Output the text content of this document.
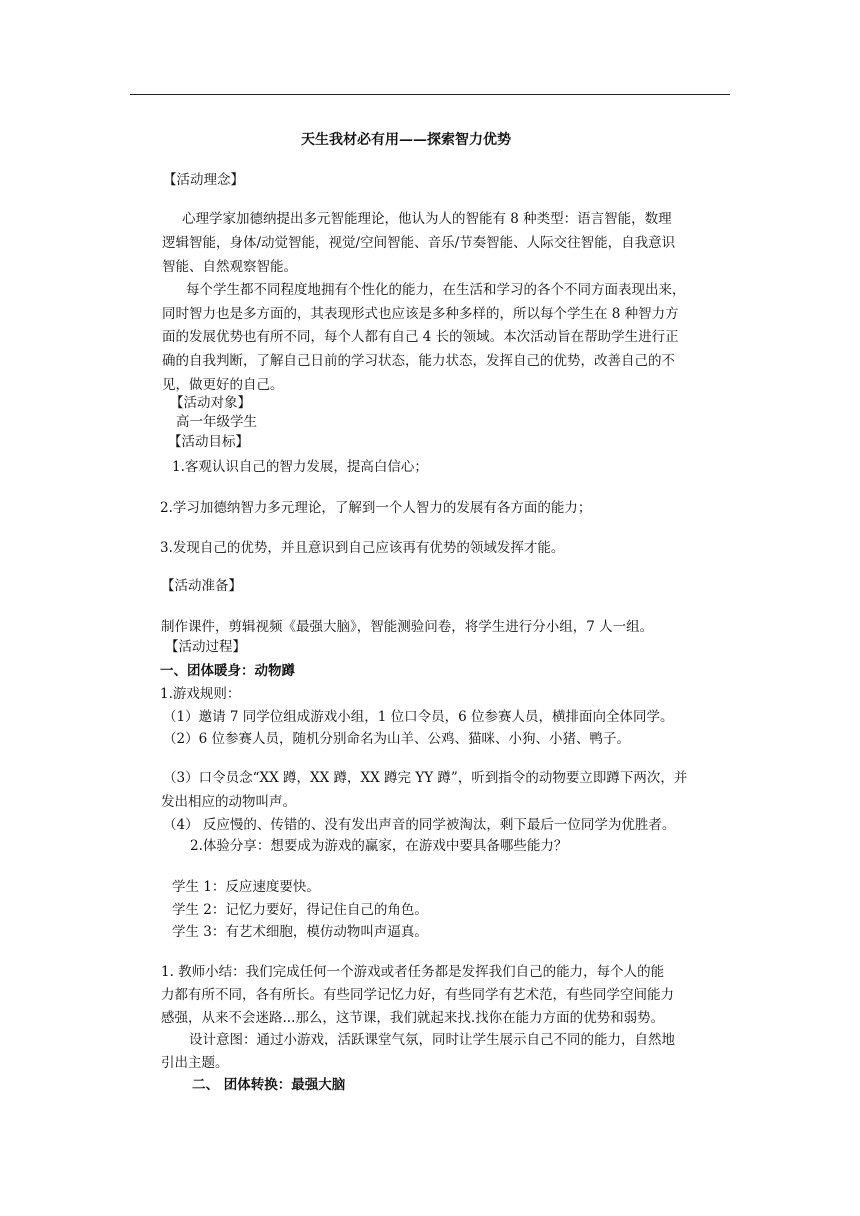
天生我材必有用——探索智力优势
【活动理念】
心理学家加德纳提出多元智能理论，他认为人的智能有 8 种类型：语言智能，数理
逻辑智能，身体/动觉智能，视觉/空间智能、音乐/节奏智能、人际交往智能，自我意识
智能、自然观察智能。
每个学生都不同程度地拥有个性化的能力，在生活和学习的各个不同方面表现出来，
同时智力也是多方面的，其表现形式也应该是多种多样的，所以每个学生在 8 种智力方
面的发展优势也有所不同，每个人都有自己 4 长的领域。本次活动旨在帮助学生进行正
确的自我判断，了解自己日前的学习状态，能力状态，发挥自己的优势，改善自己的不
见，做更好的自己。
【活动对象】
高一年级学生
【活动目标】
1.客观认识自己的智力发展，提高白信心；
2.学习加德纳智力多元理论，了解到一个人智力的发展有各方面的能力；
3.发现自己的优势，并且意识到自己应该再有优势的领域发挥才能。
【活动准备】
制作课件，剪辑视频《最强大脑》，智能测验问卷，将学生进行分小组，7 人一组。
【活动过程】
一、团体暖身：动物蹲
1.游戏规则：
（1）邀请 7 同学位组成游戏小组，1 位口令员，6 位参赛人员，横排面向全体同学。
（2）6 位参赛人员，随机分别命名为山羊、公鸡、猫咪、小狗、小猪、鸭子。
（3）口令员念“XX 蹲，XX 蹲，XX 蹲完 YY 蹲”，听到指令的动物要立即蹲下两次，并
发出相应的动物叫声。
（4） 反应慢的、传错的、没有发出声音的同学被淘汰，剩下最后一位同学为优胜者。
2.体验分享：想要成为游戏的赢家，在游戏中要具备哪些能力？
学生 1：反应速度要快。
学生 2：记忆力要好，得记住自己的角色。
学生 3：有艺术细胞，模仿动物叫声逼真。
1. 教师小结：我们完成任何一个游戏或者任务都是发挥我们自己的能力，每个人的能
力都有所不同，各有所长。有些同学记忆力好，有些同学有艺术范，有些同学空间能力
感强，从来不会迷路...那么，这节课，我们就起来找.找你在能力方面的优势和弱势。
设计意图：通过小游戏，活跃课堂气氛，同时让学生展示自己不同的能力，自然地
引出主题。
二、 团体转换：最强大脑
